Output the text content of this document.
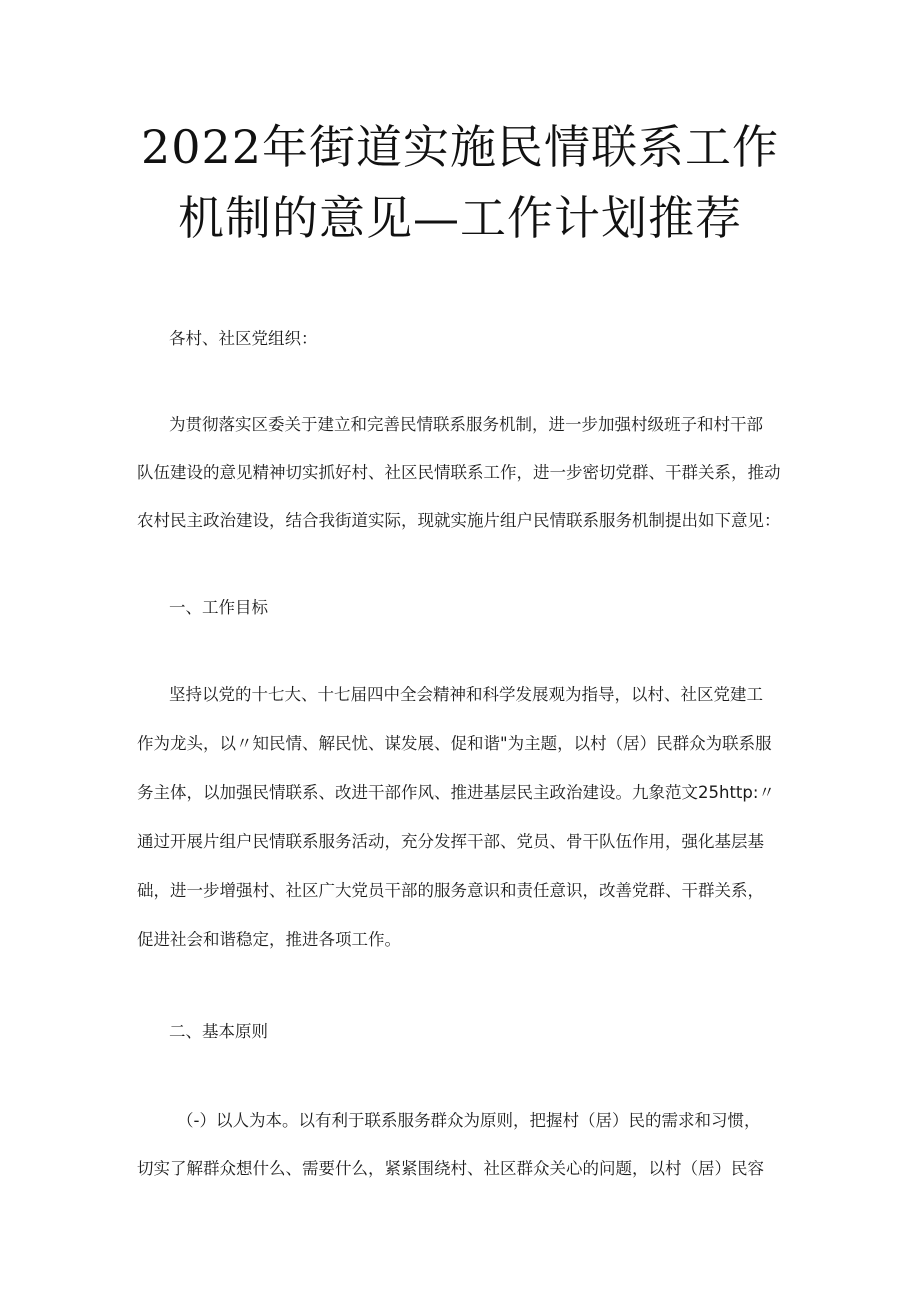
2022年街道实施民情联系工作
机制的意见—工作计划推荐
各村、社区党组织：
为贯彻落实区委关于建立和完善民情联系服务机制，进一步加强村级班子和村干部
队伍建设的意见精神切实抓好村、社区民情联系工作，进一步密切党群、干群关系，推动
农村民主政治建设，结合我街道实际，现就实施片组户民情联系服务机制提出如下意见：
一、工作目标
坚持以党的十七大、十七届四中全会精神和科学发展观为指导，以村、社区党建工
作为龙头，以〃知民情、解民忧、谋发展、促和谐"为主题，以村（居）民群众为联系服
务主体，以加强民情联系、改进干部作风、推进基层民主政治建设。九象范文25http:〃
通过开展片组户民情联系服务活动，充分发挥干部、党员、骨干队伍作用，强化基层基
础，进一步增强村、社区广大党员干部的服务意识和责任意识，改善党群、干群关系，
促进社会和谐稳定，推进各项工作。
二、基本原则
（-）以人为本。以有利于联系服务群众为原则，把握村（居）民的需求和习惯，
切实了解群众想什么、需要什么，紧紧围绕村、社区群众关心的问题，以村（居）民容
